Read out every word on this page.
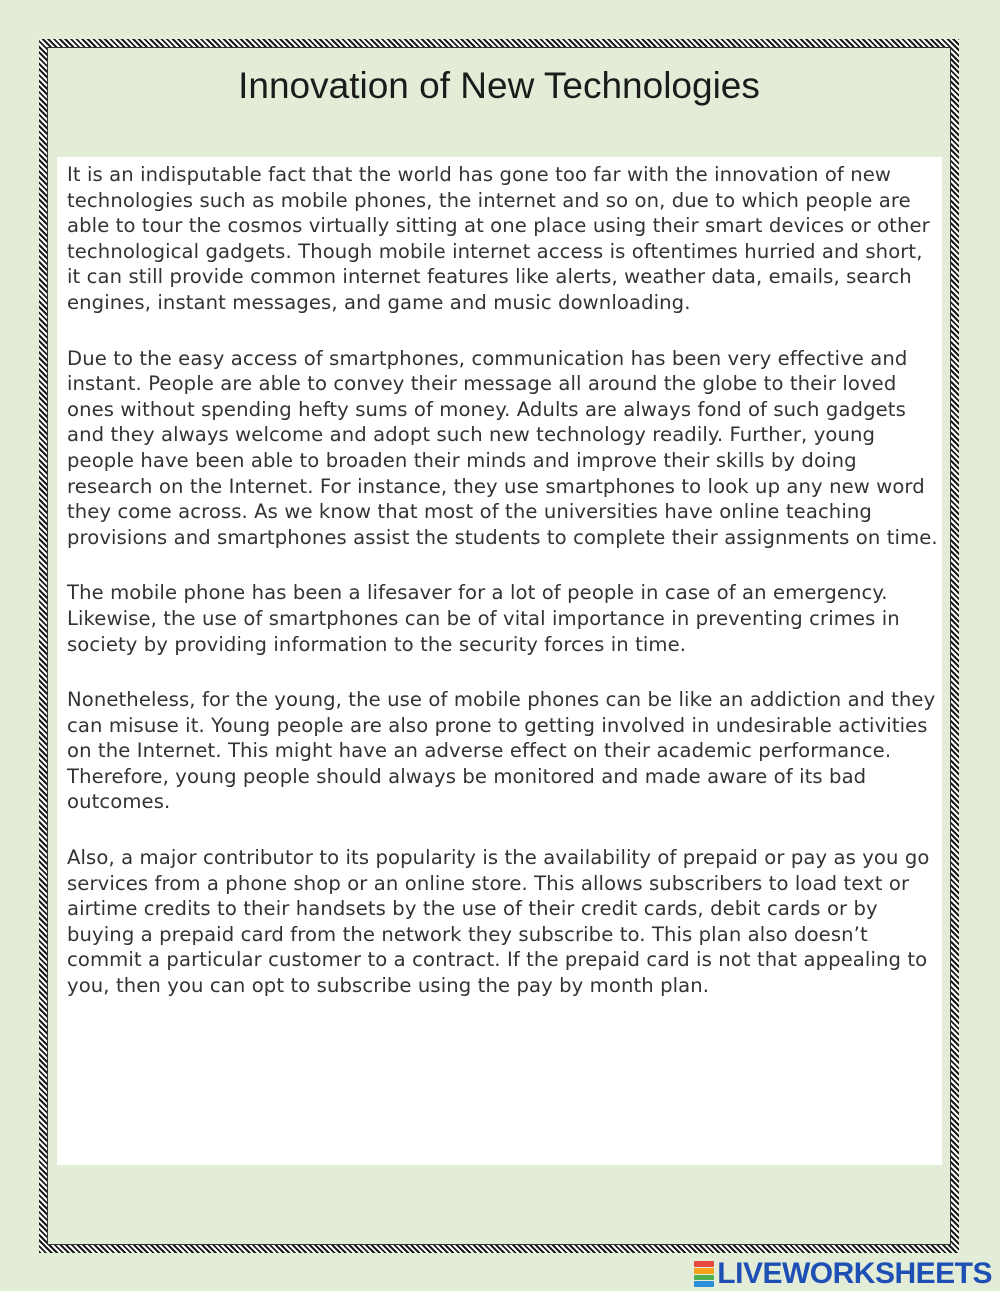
Innovation of New Technologies

It is an indisputable fact that the world has gone too far with the innovation of new technologies such as mobile phones, the internet and so on, due to which people are able to tour the cosmos virtually sitting at one place using their smart devices or other technological gadgets. Though mobile internet access is oftentimes hurried and short, it can still provide common internet features like alerts, weather data, emails, search engines, instant messages, and game and music downloading.

Due to the easy access of smartphones, communication has been very effective and instant. People are able to convey their message all around the globe to their loved ones without spending hefty sums of money. Adults are always fond of such gadgets and they always welcome and adopt such new technology readily. Further, young people have been able to broaden their minds and improve their skills by doing research on the Internet. For instance, they use smartphones to look up any new word they come across. As we know that most of the universities have online teaching provisions and smartphones assist the students to complete their assignments on time.

The mobile phone has been a lifesaver for a lot of people in case of an emergency. Likewise, the use of smartphones can be of vital importance in preventing crimes in society by providing information to the security forces in time.

Nonetheless, for the young, the use of mobile phones can be like an addiction and they can misuse it. Young people are also prone to getting involved in undesirable activities on the Internet. This might have an adverse effect on their academic performance. Therefore, young people should always be monitored and made aware of its bad outcomes.

Also, a major contributor to its popularity is the availability of prepaid or pay as you go services from a phone shop or an online store. This allows subscribers to load text or airtime credits to their handsets by the use of their credit cards, debit cards or by buying a prepaid card from the network they subscribe to. This plan also doesn’t commit a particular customer to a contract. If the prepaid card is not that appealing to you, then you can opt to subscribe using the pay by month plan.

LIVEWORKSHEETS
